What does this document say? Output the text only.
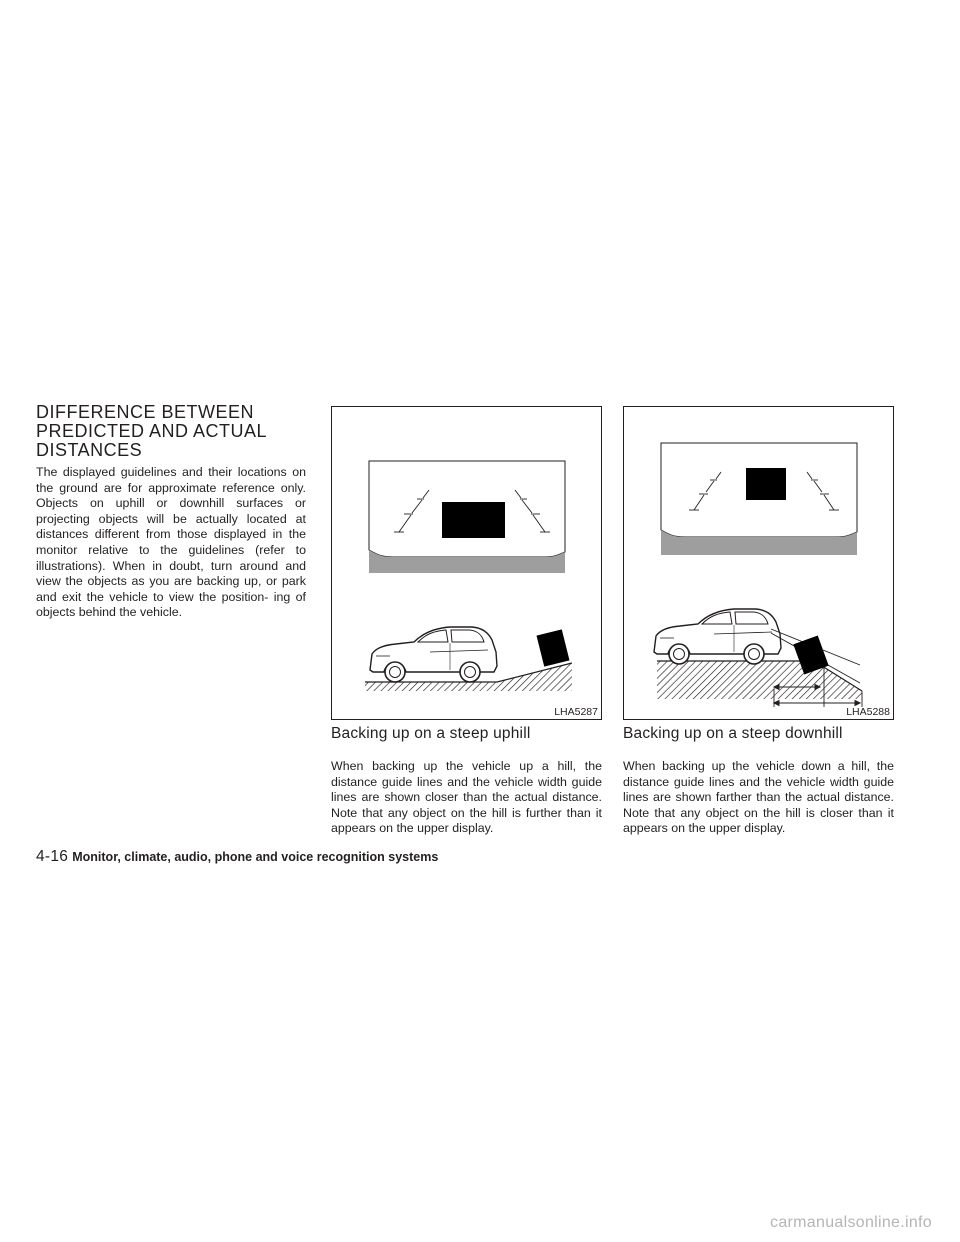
DIFFERENCE BETWEEN PREDICTED AND ACTUAL DISTANCES

The displayed guidelines and their locations on the ground are for approximate reference only. Objects on uphill or downhill surfaces or projecting objects will be actually located at distances different from those displayed in the monitor relative to the guidelines (refer to illustrations). When in doubt, turn around and view the objects as you are backing up, or park and exit the vehicle to view the position- ing of objects behind the vehicle.

LHA5287	LHA5288
Backing up on a steep uphill

When backing up the vehicle up a hill, the distance guide lines and the vehicle width guide lines are shown closer than the actual distance. Note that any object on the hill is further than it appears on the upper display.

Backing up on a steep downhill

When backing up the vehicle down a hill, the distance guide lines and the vehicle width guide lines are shown farther than the actual distance. Note that any object on the hill is closer than it appears on the upper display.

4-16 Monitor, climate, audio, phone and voice recognition systems
carmanualsonline.info
